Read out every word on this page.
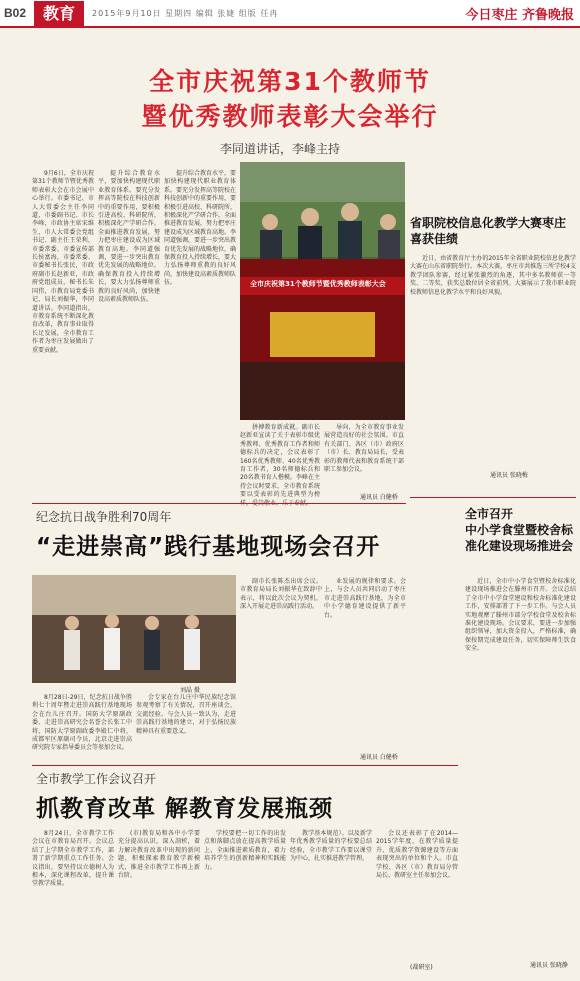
B02	教育	2015年9月10日 星期四 编辑 张婕 组版 任冉	今日枣庄 齐鲁晚报
全市庆祝第31个教师节
暨优秀教师表彰大会举行
李同道讲话，李峰主持

9月6日，全市庆祝第31个教师节暨优秀教师表彰大会在市会展中心举行。市委书记、市人大常委会主任李同道，市委副书记、市长李峰，市政协主席宋维生，市人大常委会党组书记、副主任王荣利，市委常委、市委宣传部长侯富海，市委常委、市委秘书长张民，市政府副市长赵新亚，市政府党组成员、秘书长朱国伟，市教育局党委书记、局长刘振华，李同道讲话。李同道指出，市教育系统不断深化教育改革，教育事业取得长足发展，全市教育工作者为枣庄发展做出了重要贡献。

提升综合教育水平，要加快构建现代职业教育体系。要充分发挥高等院校在科技创新中的重要作用，要积极引进高校、科研院所，积极深化产学研合作，全面推进教育发展，努力把枣庄建设成为区域教育高地。李同道强调，要进一步突出教育优先发展的战略地位，确保教育投入持续增长，要大力弘扬尊师重教的良好风尚，加快建设高素质教师队伍。

提升综合教育水平，要加快构建现代职业教育体系。要充分发挥高等院校在科技创新中的重要作用，要积极引进高校、科研院所，积极深化产学研合作，全面推进教育发展，努力把枣庄建设成为区域教育高地。李同道强调，要进一步突出教育优先发展的战略地位，确保教育投入持续增长，要大力弘扬尊师重教的良好风尚，加快建设高素质教师队伍。	全市庆祝第31个教师节暨优秀教师表彰大会

拼搏教育新成就。副市长赵新亚宣读了关于表彰市级优秀教师、优秀教育工作者和师德标兵的决定，会议表彰了160名优秀教师、40名优秀教育工作者，30名师德标兵和20名教书育人楷模。李峰在主持会议时要求，全市教育系统要以受表彰的先进典型为榜

导向，为全市教育事业发展营造良好的社会氛围。市直有关部门、各区（市）政府区（市）长、教育局局长，受表彰的教师代表和教育系统干部职工参加会议。

通讯员 白健桥
省职院校信息化教学大赛枣庄喜获佳绩

近日，由省教育厅主办的2015年全省职业院校信息化教学大赛在山东省职院举行。本次大赛，枣庄市共推选三所学校4支教学团队参赛，经过紧张激烈的角逐，其中多名教师获一等奖、二等奖，获奖总数位居全省前列。大赛展示了我市职业院校教师信息化教学水平和良好风貌。

通讯员 张晓梅
纪念抗日战争胜利70周年
“走进崇高”践行基地现场会召开
刘晶 摄

8月28日-29日，纪念抗日战争胜利七十周年暨走进崇高践行基地现场会在台儿庄召开。国防大学原副政委、走进崇高研究会名誉会长张工中将，国防大学原副政委李殿仁中将，成都军区原副司令员，北京走进崇高研究院专家指导委员会等参加会议。

会专家在台儿庄中华民族纪念馆参观考察了有关情况，召开座谈会，交流经验。与会人员一致认为，走进崇高践行基地的建立，对于弘扬民族精神具有重要意义。

副市长张陈杰出席会议。市教育局局长刘振华在致辞中表示，将以此次会议为契机，深入开展走进崇高践行活动。

业发展的规律和要求。会上，与会人员共同启动了枣庄市走进崇高践行基地，为全市中小学德育建设提供了新平台。

通讯员 白健桥
全市召开
中小学食堂暨校舍标准化建设现场推进会

近日，全市中小学食堂暨校舍标准化建设现场推进会在滕州市召开。会议总结了全市中小学食堂建设和校舍标准化建设工作，安排部署了下一步工作。与会人员实地观摩了滕州市部分学校食堂及校舍标准化建设现场。会议要求，要进一步加强组织领导，加大资金投入，严格标准，确保按期完成建设任务，切实保障师生饮食安全。

通讯员 张晓静
全市教学工作会议召开
抓教育改革 解教育发展瓶颈

8月24日，全市教学工作会议在市教育局召开。会议总结了上学期全市教学工作，部署了新学期重点工作任务。会议指出，要坚持以立德树人为根本，深化课程改革，提升课堂教学质量。

(市)教育局和各中小学要充分提高认识，深入剖析，着力解决教育改革中出现的新问题，积极探索教育教学新模式，推进全市教学工作再上新台阶。

学校要把一切工作的出发点和落脚点放在提高教学质量上，全面推进素质教育，着力培养学生的创新精神和实践能力。

教学基本规范）。以及新学年优秀教学质量的学校要总结经验，全市教学工作要以课堂为中心，扎实推进教学管理。

会议还表彰了在2014—2015学年度，在教学质量提升、优质教学资源建设等方面表现突出的单位和个人。市直学校、各区（市）教育局分管局长、教研室主任参加会议。

(裁研室)
